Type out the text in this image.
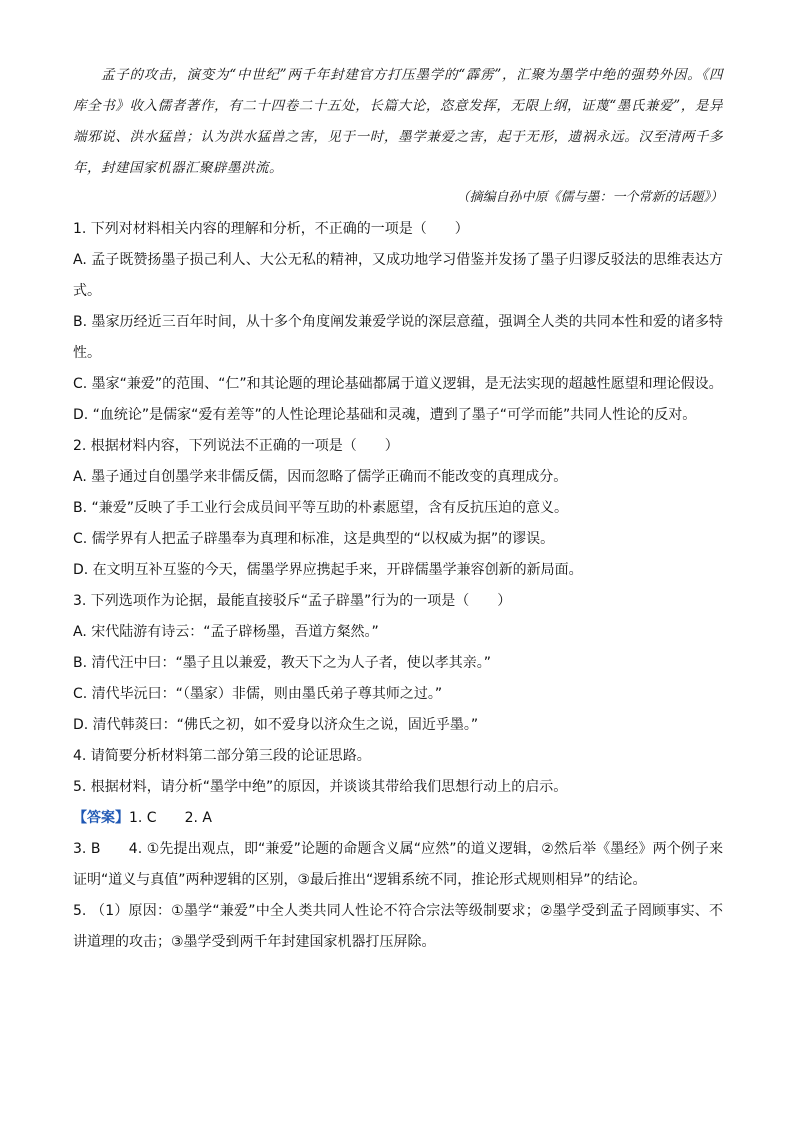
孟子的攻击，演变为“中世纪”两千年封建官方打压墨学的“霹雳”，汇聚为墨学中绝的强势外因。《四库全书》收入儒者著作，有二十四卷二十五处，长篇大论，恣意发挥，无限上纲，证蔑“墨氏兼爱”，是异端邪说、洪水猛兽；认为洪水猛兽之害，见于一时，墨学兼爱之害，起于无形，遗祸永远。汉至清两千多年，封建国家机器汇聚辟墨洪流。

（摘编自孙中原《儒与墨：一个常新的话题》）

1. 下列对材料相关内容的理解和分析，不正确的一项是（　　）

A. 孟子既赞扬墨子损己利人、大公无私的精神，又成功地学习借鉴并发扬了墨子归谬反驳法的思维表达方式。

B. 墨家历经近三百年时间，从十多个角度阐发兼爱学说的深层意蕴，强调全人类的共同本性和爱的诸多特性。

C. 墨家“兼爱”的范围、“仁”和其论题的理论基础都属于道义逻辑，是无法实现的超越性愿望和理论假设。

D. “血统论”是儒家“爱有差等”的人性论理论基础和灵魂，遭到了墨子“可学而能”共同人性论的反对。

2. 根据材料内容，下列说法不正确的一项是（　　）

A. 墨子通过自创墨学来非儒反儒，因而忽略了儒学正确而不能改变的真理成分。

B. “兼爱”反映了手工业行会成员间平等互助的朴素愿望，含有反抗压迫的意义。

C. 儒学界有人把孟子辟墨奉为真理和标准，这是典型的“以权威为据”的谬误。

D. 在文明互补互鉴的今天，儒墨学界应携起手来，开辟儒墨学兼容创新的新局面。

3. 下列选项作为论据，最能直接驳斥“孟子辟墨”行为的一项是（　　）

A. 宋代陆游有诗云：“孟子辟杨墨，吾道方粲然。”

B. 清代汪中曰：“墨子且以兼爱，教天下之为人子者，使以孝其亲。”

C. 清代毕沅曰：“（墨家）非儒，则由墨氏弟子尊其师之过。”

D. 清代韩菼曰：“佛氏之初，如不爱身以济众生之说，固近乎墨。”

4. 请简要分析材料第二部分第三段的论证思路。

5. 根据材料，请分析“墨学中绝”的原因，并谈谈其带给我们思想行动上的启示。

【答案】1. C　　2. A

3. B　　4. ①先提出观点，即“兼爱”论题的命题含义属“应然”的道义逻辑，②然后举《墨经》两个例子来证明“道义与真值”两种逻辑的区别，③最后推出“逻辑系统不同，推论形式规则相异”的结论。

5. （1）原因：①墨学“兼爱”中全人类共同人性论不符合宗法等级制要求；②墨学受到孟子罔顾事实、不讲道理的攻击；③墨学受到两千年封建国家机器打压屏除。
